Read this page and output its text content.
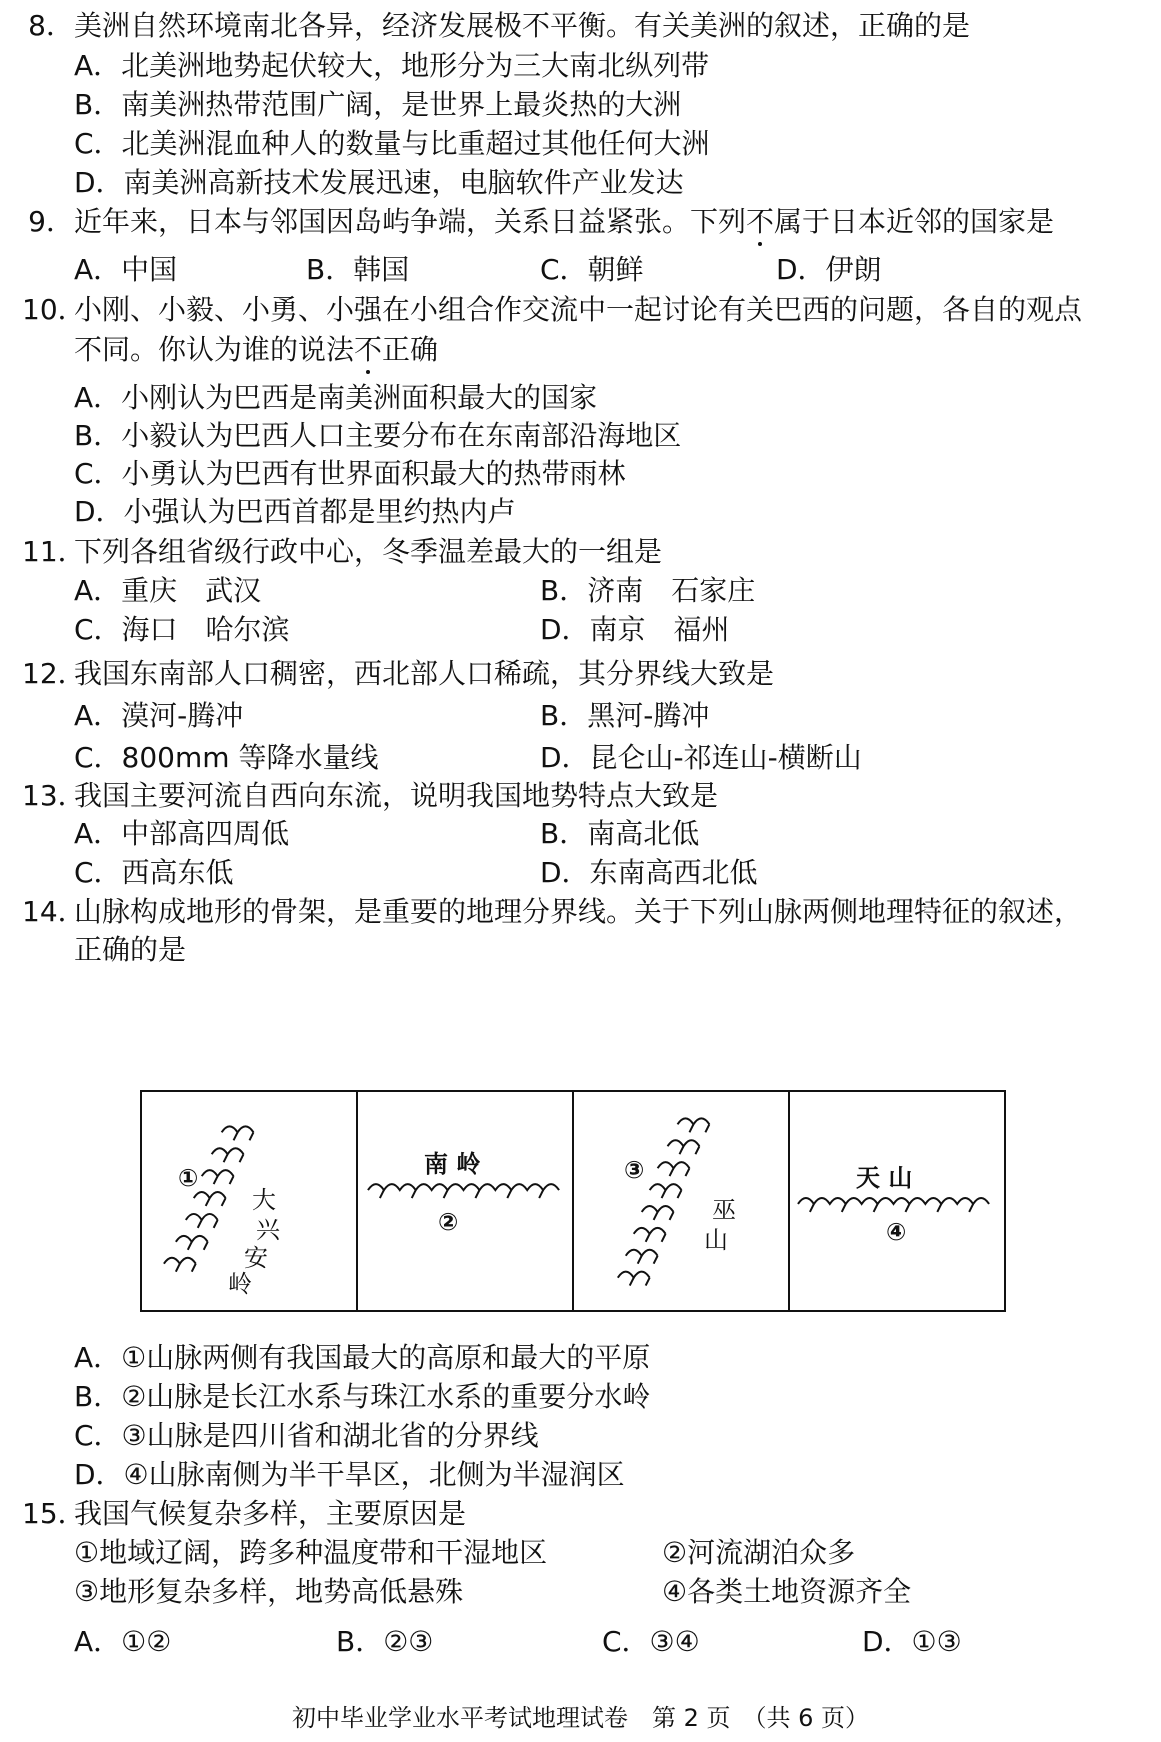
8．美洲自然环境南北各异，经济发展极不平衡。有关美洲的叙述，正确的是
A．北美洲地势起伏较大，地形分为三大南北纵列带
B．南美洲热带范围广阔，是世界上最炎热的大洲
C．北美洲混血种人的数量与比重超过其他任何大洲
D．南美洲高新技术发展迅速，电脑软件产业发达
9．近年来，日本与邻国因岛屿争端，关系日益紧张。下列不属于日本近邻的国家是
A．中国	B．韩国	C．朝鲜	D．伊朗
10．小刚、小毅、小勇、小强在小组合作交流中一起讨论有关巴西的问题，各自的观点
不同。你认为谁的说法不正确
A．小刚认为巴西是南美洲面积最大的国家
B．小毅认为巴西人口主要分布在东南部沿海地区
C．小勇认为巴西有世界面积最大的热带雨林
D．小强认为巴西首都是里约热内卢
11．下列各组省级行政中心，冬季温差最大的一组是
A．重庆　武汉	B．济南　石家庄
C．海口　哈尔滨	D．南京　福州
12．我国东南部人口稠密，西北部人口稀疏，其分界线大致是
A．漠河-腾冲	B．黑河-腾冲
C．800mm 等降水量线	D．昆仑山-祁连山-横断山
13．我国主要河流自西向东流，说明我国地势特点大致是
A．中部高四周低	B．南高北低
C．西高东低	D．东南高西北低
14．山脉构成地形的骨架，是重要的地理分界线。关于下列山脉两侧地理特征的叙述，
正确的是
①
大
兴
安
岭
南 岭
②
③
巫
山
天 山
④
A．①山脉两侧有我国最大的高原和最大的平原
B．②山脉是长江水系与珠江水系的重要分水岭
C．③山脉是四川省和湖北省的分界线
D．④山脉南侧为半干旱区，北侧为半湿润区
15．我国气候复杂多样，主要原因是
①地域辽阔，跨多种温度带和干湿地区	②河流湖泊众多
③地形复杂多样，地势高低悬殊	④各类土地资源齐全
A．①②	B．②③	C．③④	D．①③
初中毕业学业水平考试地理试卷　第 2 页　（共 6 页）
